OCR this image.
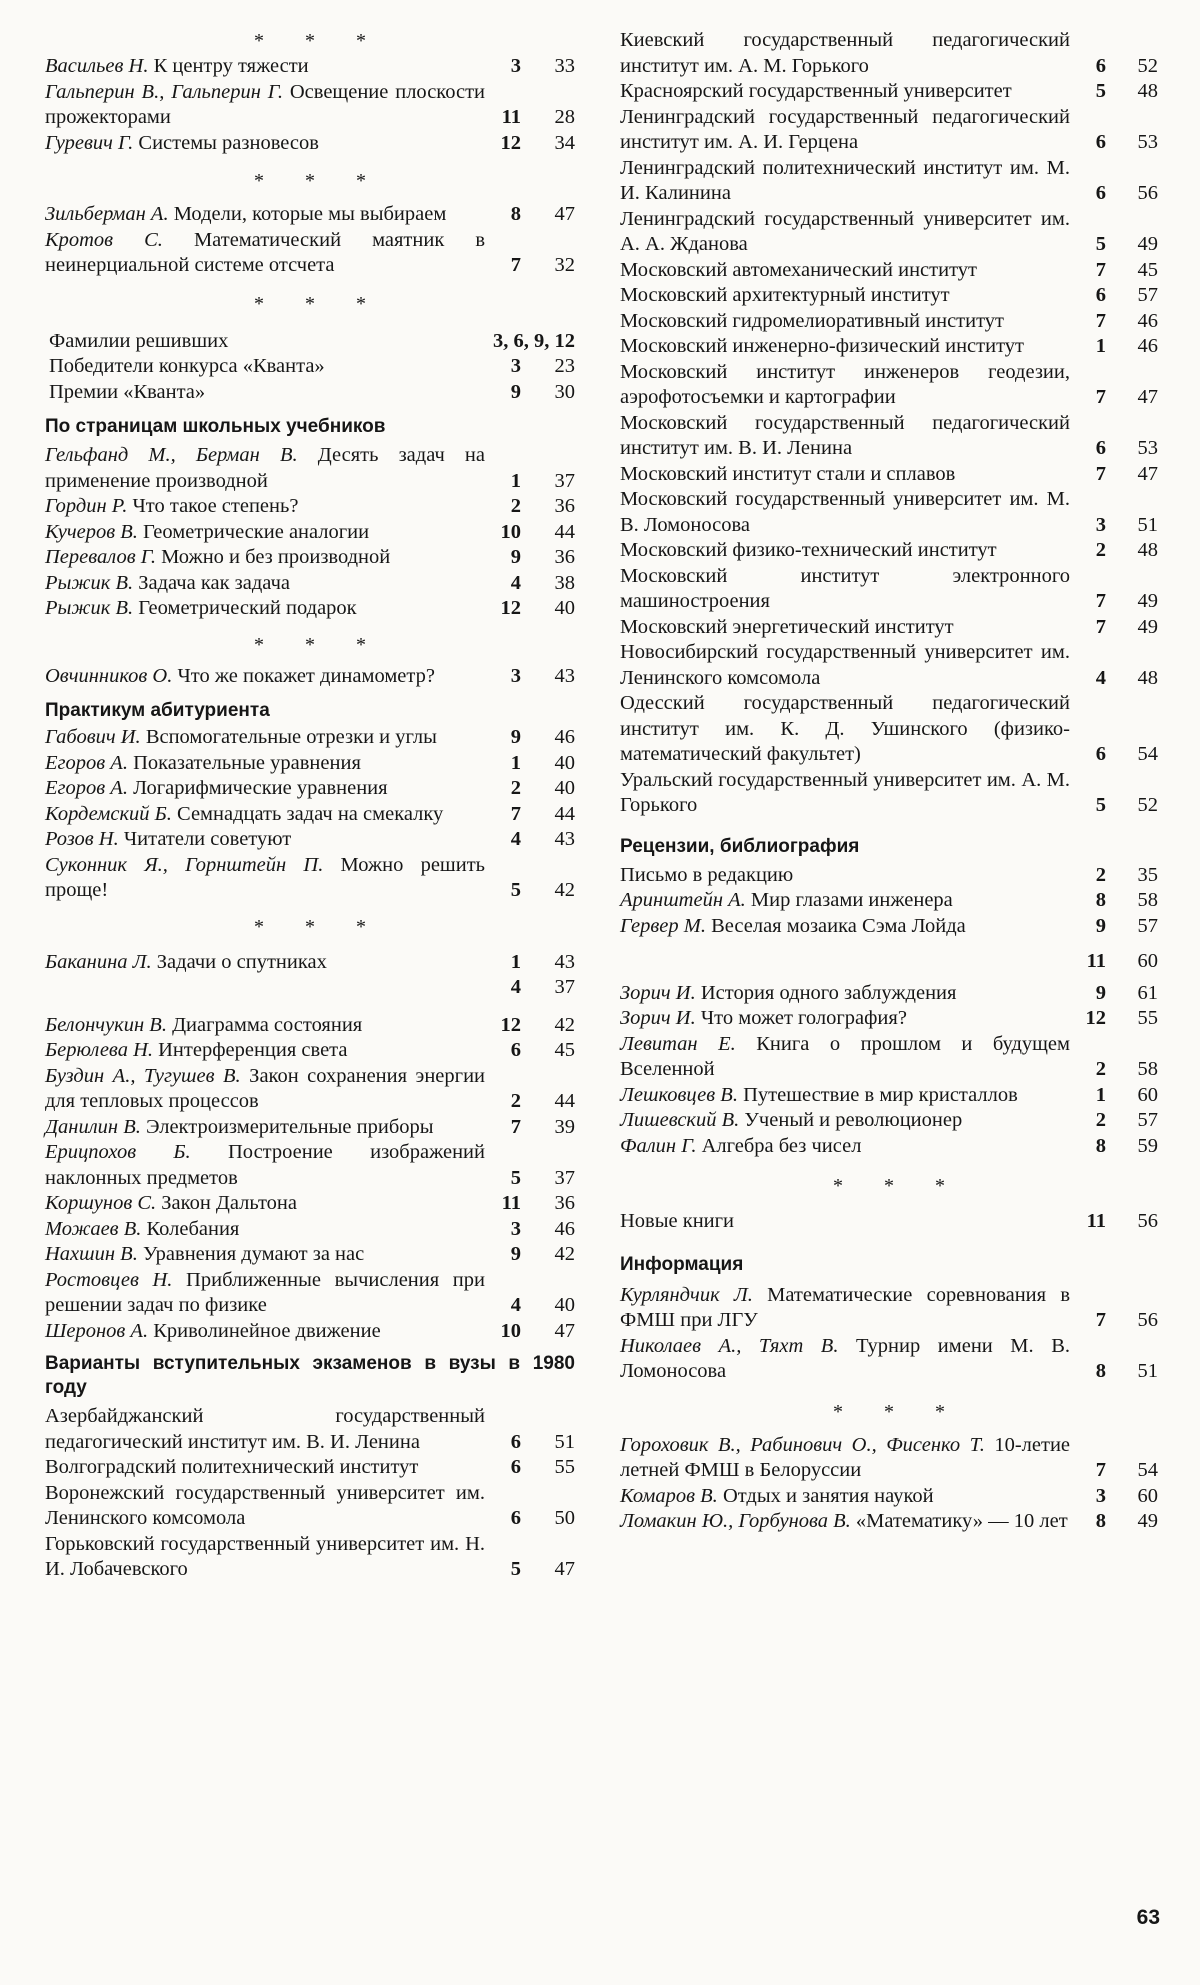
* * *
Васильев Н. К центру тяжести	3	33
Гальперин В., Гальперин Г. Освещение плоскости прожекторами	11	28
Гуревич Г. Системы разновесов	12	34
* * *
Зильберман А. Модели, которые мы выбираем	8	47
Кротов С. Математический маятник в неинерциальной системе отсчета	7	32
* * *
Фамилии решивших	3, 6, 9, 12
Победители конкурса «Кванта»	3	23
Премии «Кванта»	9	30
По страницам школьных учебников
Гельфанд М., Берман В. Десять задач на применение производной	1	37
Гордин Р. Что такое степень?	2	36
Кучеров В. Геометрические аналогии	10	44
Перевалов Г. Можно и без производной	9	36
Рыжик В. Задача как задача	4	38
Рыжик В. Геометрический подарок	12	40
* * *
Овчинников О. Что же покажет динамометр?	3	43
Практикум абитуриента
Габович И. Вспомогательные отрезки и углы	9	46
Егоров А. Показательные уравнения	1	40
Егоров А. Логарифмические уравнения	2	40
Кордемский Б. Семнадцать задач на смекалку	7	44
Розов Н. Читатели советуют	4	43
Суконник Я., Горнштейн П. Можно решить проще!	5	42
* * *
Баканина Л. Задачи о спутниках	1	43
4	37
Белончукин В. Диаграмма состояния	12	42
Берюлева Н. Интерференция света	6	45
Буздин А., Тугушев В. Закон сохранения энергии для тепловых процессов	2	44
Данилин В. Электроизмерительные приборы	7	39
Ерицпохов Б. Построение изображений наклонных предметов	5	37
Коршунов С. Закон Дальтона	11	36
Можаев В. Колебания	3	46
Нахшин В. Уравнения думают за нас	9	42
Ростовцев Н. Приближенные вычисления при решении задач по физике	4	40
Шеронов А. Криволинейное движение	10	47
Варианты вступительных экзаменов в вузы в 1980 году
Азербайджанский государственный педагогический институт им. В. И. Ленина	6	51
Волгоградский политехнический институт	6	55
Воронежский государственный университет им. Ленинского комсомола	6	50
Горьковский государственный университет им. Н. И. Лобачевского	5	47
Киевский государственный педагогический институт им. А. М. Горького	6	52
Красноярский государственный университет	5	48
Ленинградский государственный педагогический институт им. А. И. Герцена	6	53
Ленинградский политехнический институт им. М. И. Калинина	6	56
Ленинградский государственный университет им. А. А. Жданова	5	49
Московский автомеханический институт	7	45
Московский архитектурный институт	6	57
Московский гидромелиоративный институт	7	46
Московский инженерно-физический институт	1	46
Московский институт инженеров геодезии, аэрофотосъемки и картографии	7	47
Московский государственный педагогический институт им. В. И. Ленина	6	53
Московский институт стали и сплавов	7	47
Московский государственный университет им. М. В. Ломоносова	3	51
Московский физико-технический институт	2	48
Московский институт электронного машиностроения	7	49
Московский энергетический институт	7	49
Новосибирский государственный университет им. Ленинского комсомола	4	48
Одесский государственный педагогический институт им. К. Д. Ушинского (физико-математический факультет)	6	54
Уральский государственный университет им. А. М. Горького	5	52
Рецензии, библиография
Письмо в редакцию	2	35
Аринштейн А. Мир глазами инженера	8	58
Гервер М. Веселая мозаика Сэма Лойда	9	57
11	60
Зорич И. История одного заблуждения	9	61
Зорич И. Что может голография?	12	55
Левитан Е. Книга о прошлом и будущем Вселенной	2	58
Лешковцев В. Путешествие в мир кристаллов	1	60
Лишевский В. Ученый и революционер	2	57
Фалин Г. Алгебра без чисел	8	59
* * *
Новые книги	11	56
Информация
Курляндчик Л. Математические соревнования в ФМШ при ЛГУ	7	56
Николаев А., Тяхт В. Турнир имени М. В. Ломоносова	8	51
* * *
Гороховик В., Рабинович О., Фисенко Т. 10-летие летней ФМШ в Белоруссии	7	54
Комаров В. Отдых и занятия наукой	3	60
Ломакин Ю., Горбунова В. «Математику» — 10 лет	8	49
63
